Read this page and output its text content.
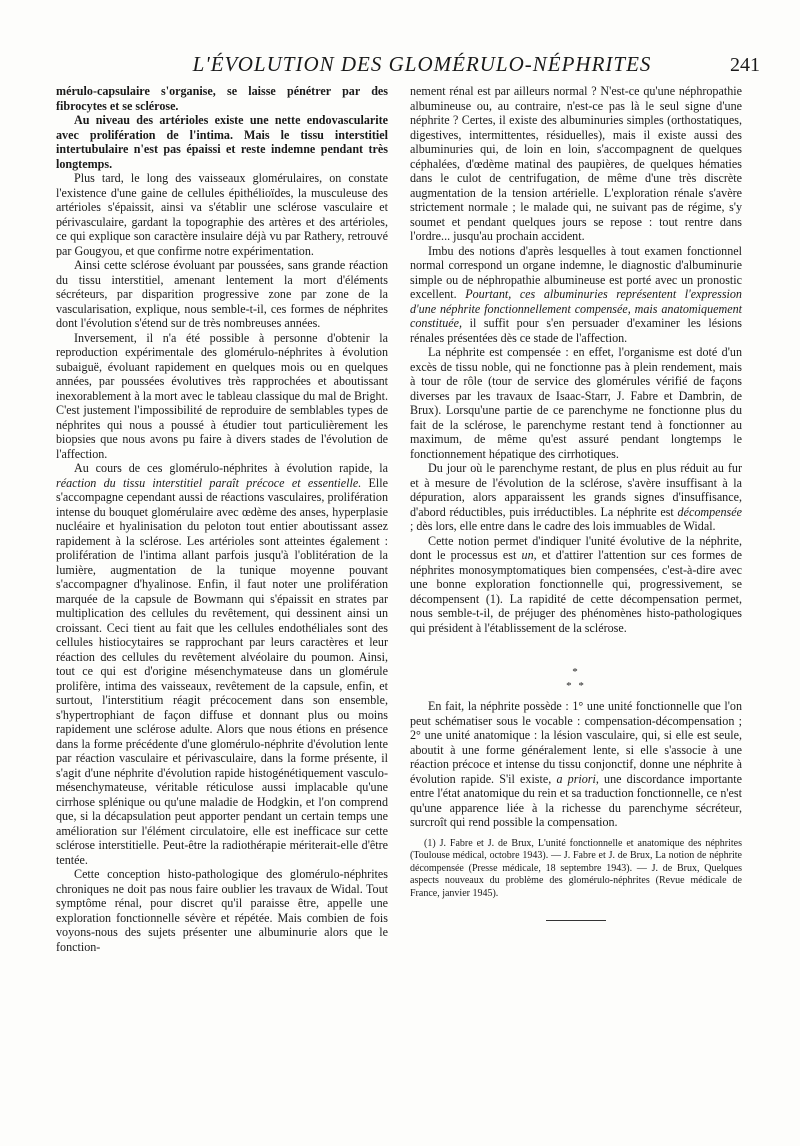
L'ÉVOLUTION DES GLOMÉRULO-NÉPHRITES	241

mérulo-capsulaire s'organise, se laisse pénétrer par des fibrocytes et se sclérose.

Au niveau des artérioles existe une nette endovascularite avec prolifération de l'intima. Mais le tissu interstitiel intertubulaire n'est pas épaissi et reste indemne pendant très longtemps.

Plus tard, le long des vaisseaux glomérulaires, on constate l'existence d'une gaine de cellules épithélioïdes, la musculeuse des artérioles s'épaissit, ainsi va s'établir une sclérose vasculaire et périvasculaire, gardant la topographie des artères et des artérioles, ce qui explique son caractère insulaire déjà vu par Rathery, retrouvé par Gougyou, et que confirme notre expérimentation.

Ainsi cette sclérose évoluant par poussées, sans grande réaction du tissu interstitiel, amenant lentement la mort d'éléments sécréteurs, par disparition progressive zone par zone de la vascularisation, explique, nous semble-t-il, ces formes de néphrites dont l'évolution s'étend sur de très nombreuses années.

Inversement, il n'a été possible à personne d'obtenir la reproduction expérimentale des glomérulo-néphrites à évolution subaiguë, évoluant rapidement en quelques mois ou en quelques années, par poussées évolutives très rapprochées et aboutissant inexorablement à la mort avec le tableau classique du mal de Bright. C'est justement l'impossibilité de reproduire de semblables types de néphrites qui nous a poussé à étudier tout particulièrement les biopsies que nous avons pu faire à divers stades de l'évolution de l'affection.

Au cours de ces glomérulo-néphrites à évolution rapide, la réaction du tissu interstitiel paraît précoce et essentielle. Elle s'accompagne cependant aussi de réactions vasculaires, prolifération intense du bouquet glomérulaire avec œdème des anses, hyperplasie nucléaire et hyalinisation du peloton tout entier aboutissant assez rapidement à la sclérose. Les artérioles sont atteintes également : prolifération de l'intima allant parfois jusqu'à l'oblitération de la lumière, augmentation de la tunique moyenne pouvant s'accompagner d'hyalinose. Enfin, il faut noter une prolifération marquée de la capsule de Bowmann qui s'épaissit en strates par multiplication des cellules du revêtement, qui dessinent ainsi un croissant. Ceci tient au fait que les cellules endothéliales sont des cellules histiocytaires se rapprochant par leurs caractères et leur réaction des cellules du revêtement alvéolaire du poumon. Ainsi, tout ce qui est d'origine mésenchymateuse dans un glomérule prolifère, intima des vaisseaux, revêtement de la capsule, enfin, et surtout, l'interstitium réagit précocement dans son ensemble, s'hypertrophiant de façon diffuse et donnant plus ou moins rapidement une sclérose adulte. Alors que nous étions en présence dans la forme précédente d'une glomérulo-néphrite d'évolution lente par réaction vasculaire et périvasculaire, dans la forme présente, il s'agit d'une néphrite d'évolution rapide histogénétiquement vasculo-mésenchymateuse, véritable réticulose aussi implacable qu'une cirrhose splénique ou qu'une maladie de Hodgkin, et l'on comprend que, si la décapsulation peut apporter pendant un certain temps une amélioration sur l'élément circulatoire, elle est inefficace sur cette sclérose interstitielle. Peut-être la radiothérapie mériterait-elle d'être tentée.

Cette conception histo-pathologique des glomérulo-néphrites chroniques ne doit pas nous faire oublier les travaux de Widal. Tout symptôme rénal, pour discret qu'il paraisse être, appelle une exploration fonctionnelle sévère et répétée. Mais combien de fois voyons-nous des sujets présenter une albuminurie alors que le fonction-

nement rénal est par ailleurs normal ? N'est-ce qu'une néphropathie albumineuse ou, au contraire, n'est-ce pas là le seul signe d'une néphrite ? Certes, il existe des albuminuries simples (orthostatiques, digestives, intermittentes, résiduelles), mais il existe aussi des albuminuries qui, de loin en loin, s'accompagnent de quelques céphalées, d'œdème matinal des paupières, de quelques hématies dans le culot de centrifugation, de même d'une très discrète augmentation de la tension artérielle. L'exploration rénale s'avère strictement normale ; le malade qui, ne suivant pas de régime, s'y soumet et pendant quelques jours se repose : tout rentre dans l'ordre... jusqu'au prochain accident.

Imbu des notions d'après lesquelles à tout examen fonctionnel normal correspond un organe indemne, le diagnostic d'albuminurie simple ou de néphropathie albumineuse est porté avec un pronostic excellent. Pourtant, ces albuminuries représentent l'expression d'une néphrite fonctionnellement compensée, mais anatomiquement constituée, il suffit pour s'en persuader d'examiner les lésions rénales présentées dès ce stade de l'affection.

La néphrite est compensée : en effet, l'organisme est doté d'un excès de tissu noble, qui ne fonctionne pas à plein rendement, mais à tour de rôle (tour de service des glomérules vérifié de façons diverses par les travaux de Isaac-Starr, J. Fabre et Dambrin, de Brux). Lorsqu'une partie de ce parenchyme ne fonctionne plus du fait de la sclérose, le parenchyme restant tend à fonctionner au maximum, de même qu'est assuré pendant longtemps le fonctionnement hépatique des cirrhotiques.

Du jour où le parenchyme restant, de plus en plus réduit au fur et à mesure de l'évolution de la sclérose, s'avère insuffisant à la dépuration, alors apparaissent les grands signes d'insuffisance, d'abord réductibles, puis irréductibles. La néphrite est décompensée ; dès lors, elle entre dans le cadre des lois immuables de Widal.

Cette notion permet d'indiquer l'unité évolutive de la néphrite, dont le processus est un, et d'attirer l'attention sur ces formes de néphrites monosymptomatiques bien compensées, c'est-à-dire avec une bonne exploration fonctionnelle qui, progressivement, se décompensent (1). La rapidité de cette décompensation permet, nous semble-t-il, de préjuger des phénomènes histo-pathologiques qui président à l'établissement de la sclérose.

*
* *

En fait, la néphrite possède : 1° une unité fonctionnelle que l'on peut schématiser sous le vocable : compensation-décompensation ; 2° une unité anatomique : la lésion vasculaire, qui, si elle est seule, aboutit à une forme généralement lente, si elle s'associe à une réaction précoce et intense du tissu conjonctif, donne une néphrite à évolution rapide. S'il existe, a priori, une discordance importante entre l'état anatomique du rein et sa traduction fonctionnelle, ce n'est qu'une apparence liée à la richesse du parenchyme sécréteur, surcroît qui rend possible la compensation.

(1) J. Fabre et J. de Brux, L'unité fonctionnelle et anatomique des néphrites (Toulouse médical, octobre 1943). — J. Fabre et J. de Brux, La notion de néphrite décompensée (Presse médicale, 18 septembre 1943). — J. de Brux, Quelques aspects nouveaux du problème des glomérulo-néphrites (Revue médicale de France, janvier 1945).
